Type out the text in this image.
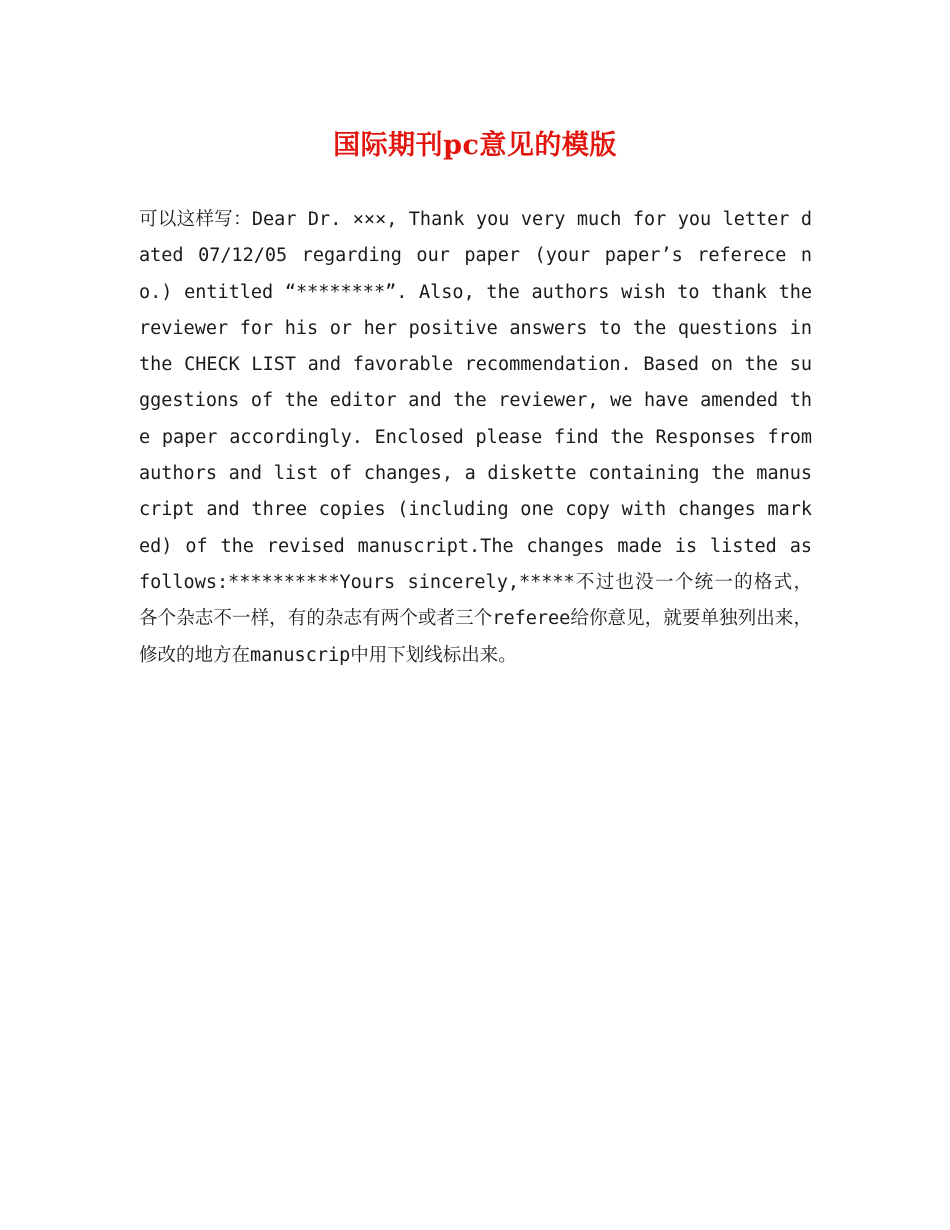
国际期刊pc意见的模版
可以这样写：Dear Dr. ×××, Thank you very much for you letter dated 07/12/05 regarding our paper (your paper’s referece no.) entitled “********”. Also, the authors wish to thank the reviewer for his or her positive answers to the questions in the CHECK LIST and favorable recommendation. Based on the suggestions of the editor and the reviewer, we have amended the paper accordingly. Enclosed please find the Responses from authors and list of changes, a diskette containing the manuscript and three copies (including one copy with changes marked) of the revised manuscript.The changes made is listed as follows:**********Yours sincerely,*****不过也没一个统一的格式，各个杂志不一样，有的杂志有两个或者三个referee给你意见，就要单独列出来，修改的地方在manuscrip中用下划线标出来。
